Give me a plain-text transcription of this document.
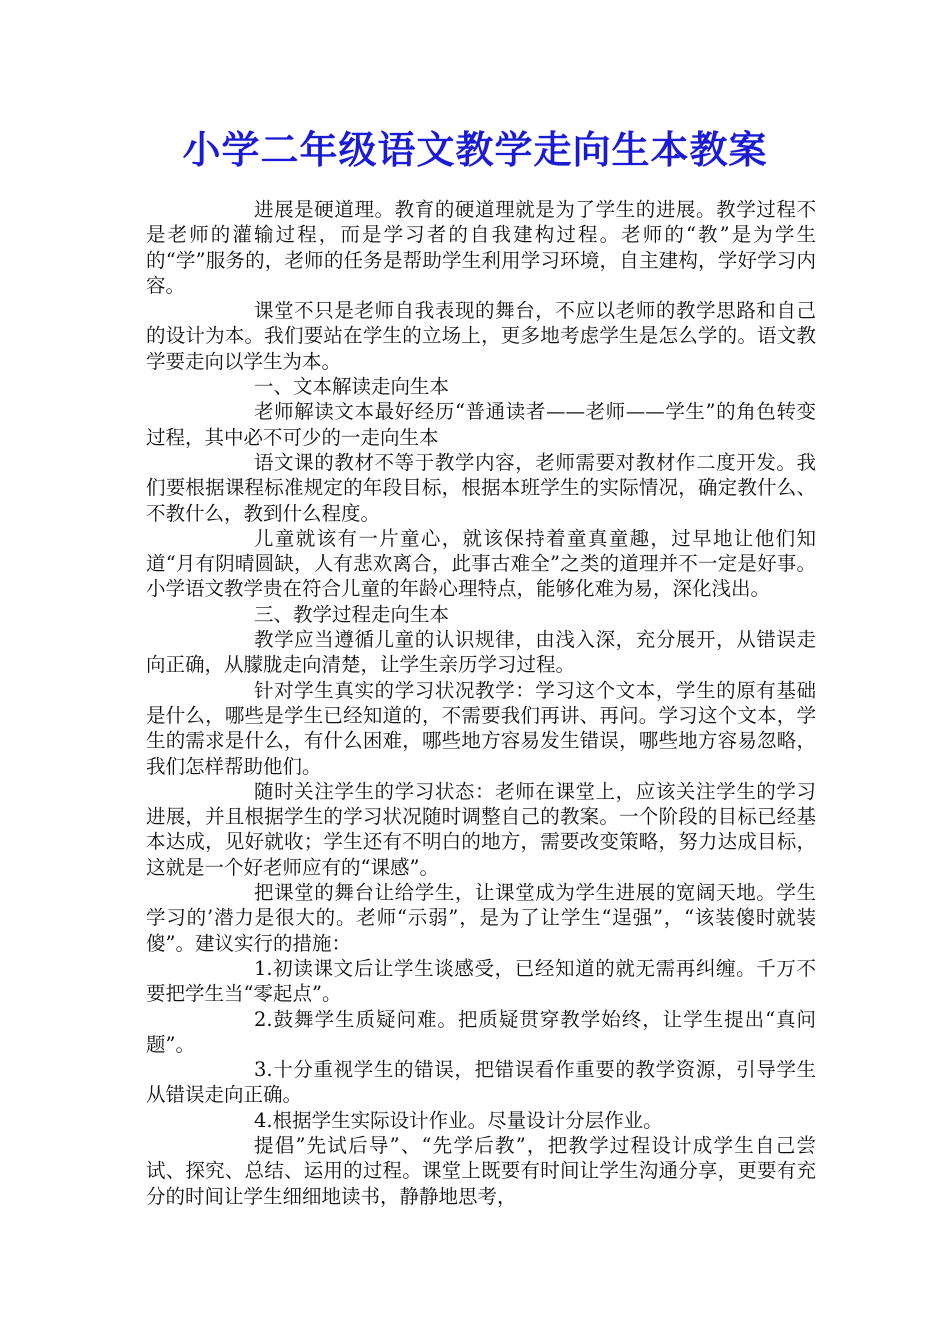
小学二年级语文教学走向生本教案

进展是硬道理。教育的硬道理就是为了学生的进展。教学过程不是老师的灌输过程，而是学习者的自我建构过程。老师的“教”是为学生的“学”服务的，老师的任务是帮助学生利用学习环境，自主建构，学好学习内容。

课堂不只是老师自我表现的舞台，不应以老师的教学思路和自己的设计为本。我们要站在学生的立场上，更多地考虑学生是怎么学的。语文教学要走向以学生为本。

一、文本解读走向生本

老师解读文本最好经历“普通读者——老师——学生”的角色转变过程，其中必不可少的一走向生本

语文课的教材不等于教学内容，老师需要对教材作二度开发。我们要根据课程标准规定的年段目标，根据本班学生的实际情况，确定教什么、不教什么，教到什么程度。

儿童就该有一片童心，就该保持着童真童趣，过早地让他们知道“月有阴晴圆缺，人有悲欢离合，此事古难全”之类的道理并不一定是好事。小学语文教学贵在符合儿童的年龄心理特点，能够化难为易，深化浅出。

三、教学过程走向生本

教学应当遵循儿童的认识规律，由浅入深，充分展开，从错误走向正确，从朦胧走向清楚，让学生亲历学习过程。

针对学生真实的学习状况教学：学习这个文本，学生的原有基础是什么，哪些是学生已经知道的，不需要我们再讲、再问。学习这个文本，学生的需求是什么，有什么困难，哪些地方容易发生错误，哪些地方容易忽略，我们怎样帮助他们。

随时关注学生的学习状态：老师在课堂上，应该关注学生的学习进展，并且根据学生的学习状况随时调整自己的教案。一个阶段的目标已经基本达成，见好就收；学生还有不明白的地方，需要改变策略，努力达成目标，这就是一个好老师应有的“课感”。

把课堂的舞台让给学生，让课堂成为学生进展的宽阔天地。学生学习的’潜力是很大的。老师“示弱”，是为了让学生“逞强”，“该装傻时就装傻”。建议实行的措施：

1.初读课文后让学生谈感受，已经知道的就无需再纠缠。千万不要把学生当“零起点”。

2.鼓舞学生质疑问难。把质疑贯穿教学始终，让学生提出“真问题”。

3.十分重视学生的错误，把错误看作重要的教学资源，引导学生从错误走向正确。

4.根据学生实际设计作业。尽量设计分层作业。

提倡”先试后导”、“先学后教”，把教学过程设计成学生自己尝试、探究、总结、运用的过程。课堂上既要有时间让学生沟通分享，更要有充分的时间让学生细细地读书，静静地思考，
